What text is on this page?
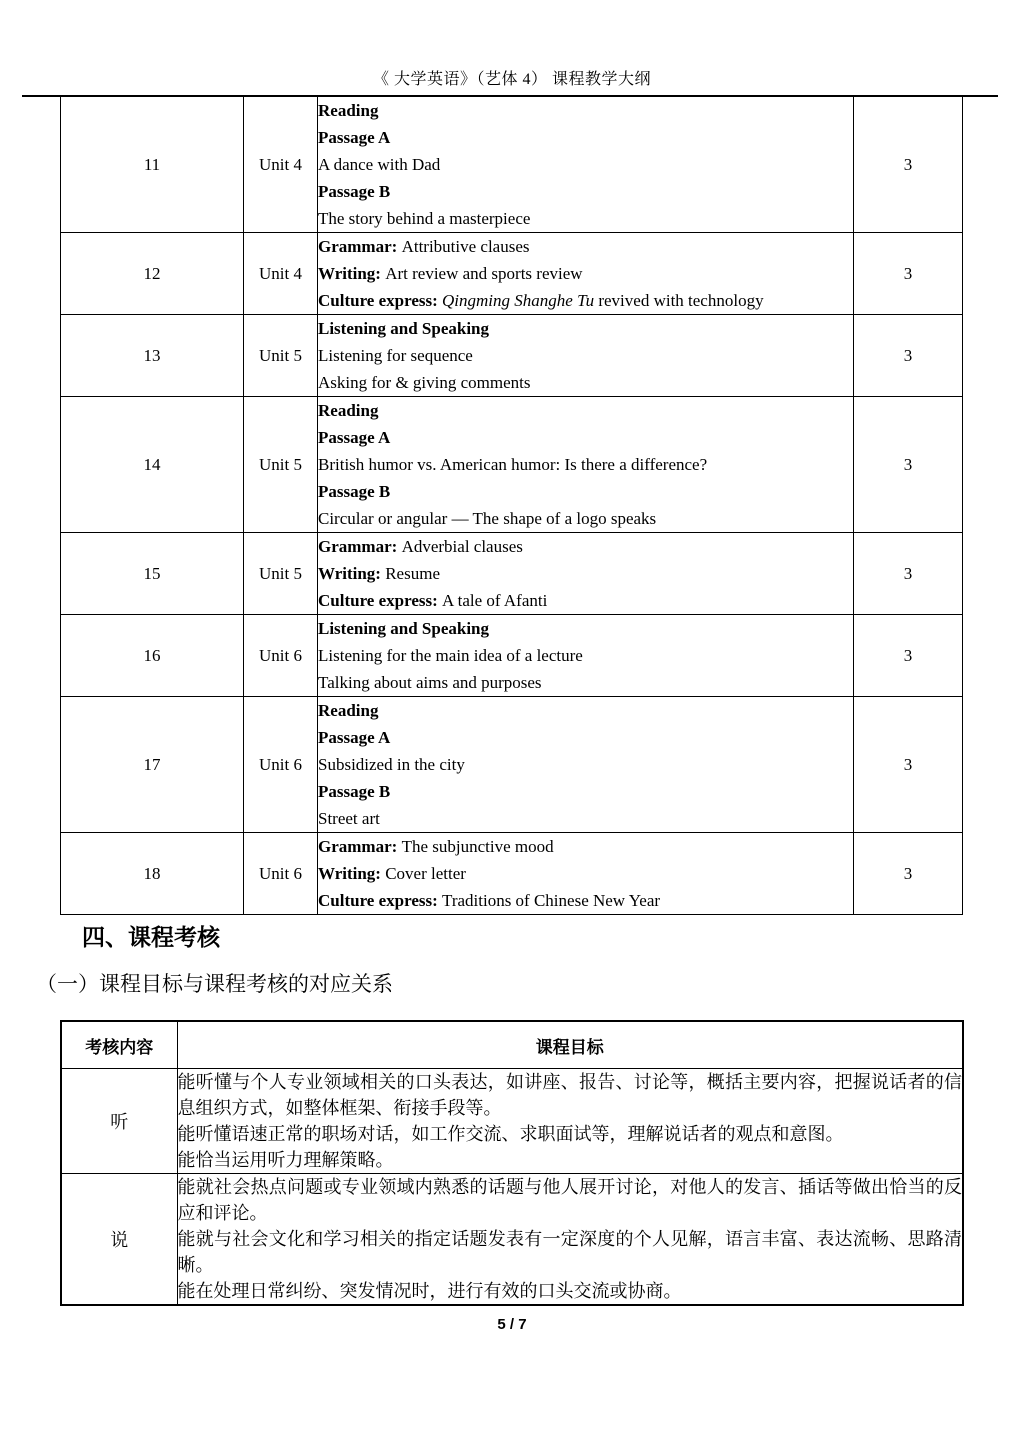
《 大学英语》（艺体 4） 课程教学大纲
11	Unit 4	Reading
Passage A
A dance with Dad
Passage B
The story behind a masterpiece	3
12	Unit 4	Grammar: Attributive clauses
Writing: Art review and sports review
Culture express: Qingming Shanghe Tu revived with technology	3
13	Unit 5	Listening and Speaking
Listening for sequence
Asking for & giving comments	3
14	Unit 5	Reading
Passage A
British humor vs. American humor: Is there a difference?
Passage B
Circular or angular — The shape of a logo speaks	3
15	Unit 5	Grammar: Adverbial clauses
Writing: Resume
Culture express: A tale of Afanti	3
16	Unit 6	Listening and Speaking
Listening for the main idea of a lecture
Talking about aims and purposes	3
17	Unit 6	Reading
Passage A
Subsidized in the city
Passage B
Street art	3
18	Unit 6	Grammar: The subjunctive mood
Writing: Cover letter
Culture express: Traditions of Chinese New Year	3
四、课程考核
（一）课程目标与课程考核的对应关系
考核内容	课程目标
听	能听懂与个人专业领域相关的口头表达，如讲座、报告、讨论等，概括主要内容，把握说话者的信息组织方式，如整体框架、衔接手段等。
能听懂语速正常的职场对话，如工作交流、求职面试等，理解说话者的观点和意图。
能恰当运用听力理解策略。

说	能就社会热点问题或专业领域内熟悉的话题与他人展开讨论，对他人的发言、插话等做出恰当的反应和评论。
能就与社会文化和学习相关的指定话题发表有一定深度的个人见解，语言丰富、表达流畅、思路清晰。
能在处理日常纠纷、突发情况时，进行有效的口头交流或协商。
5 / 7
